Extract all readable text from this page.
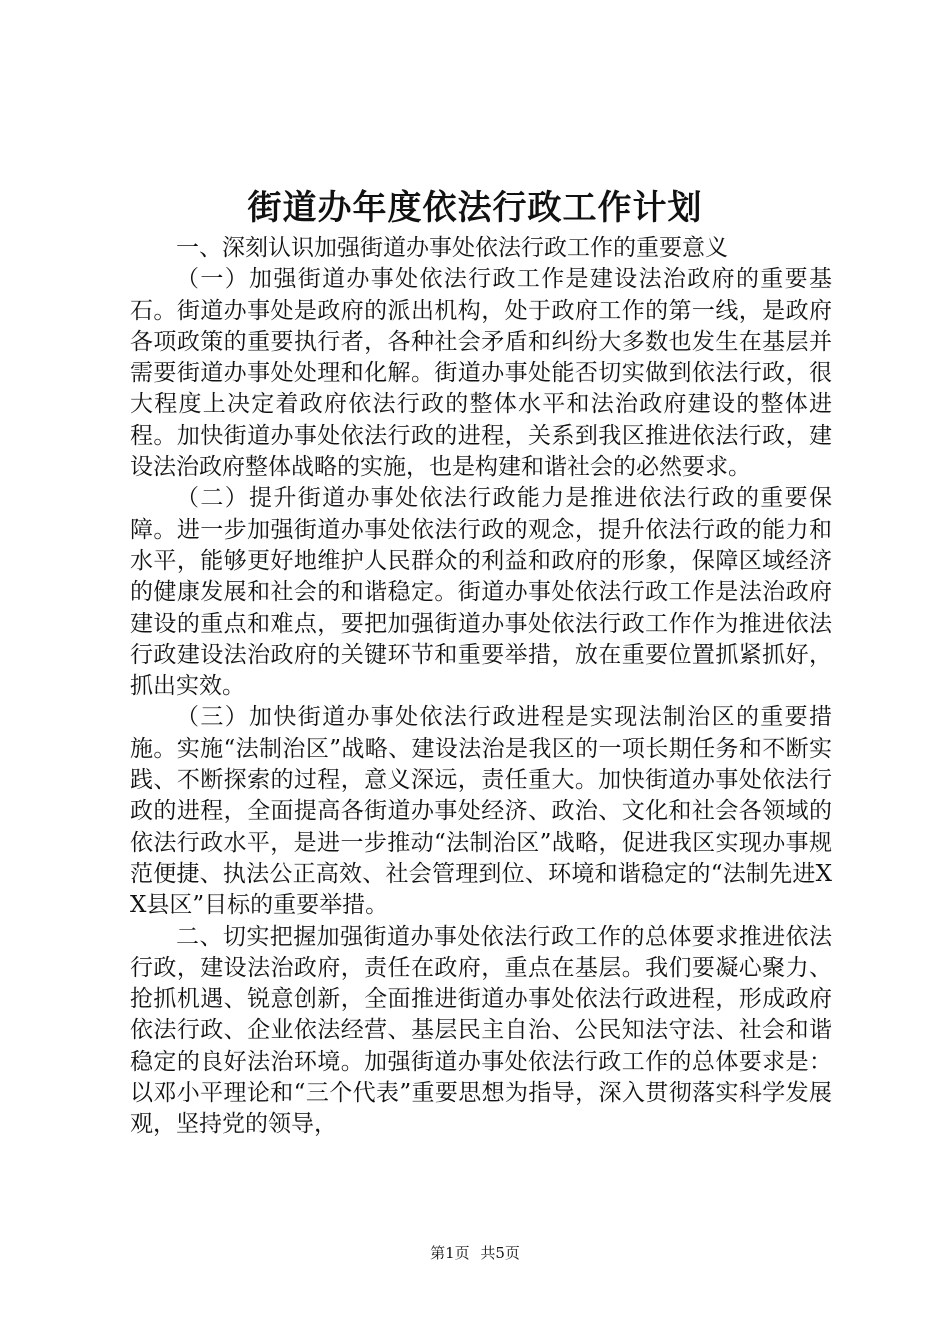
街道办年度依法行政工作计划

一、深刻认识加强街道办事处依法行政工作的重要意义

（一）加强街道办事处依法行政工作是建设法治政府的重要基石。街道办事处是政府的派出机构，处于政府工作的第一线，是政府各项政策的重要执行者，各种社会矛盾和纠纷大多数也发生在基层并需要街道办事处处理和化解。街道办事处能否切实做到依法行政，很大程度上决定着政府依法行政的整体水平和法治政府建设的整体进程。加快街道办事处依法行政的进程，关系到我区推进依法行政，建设法治政府整体战略的实施，也是构建和谐社会的必然要求。

（二）提升街道办事处依法行政能力是推进依法行政的重要保障。进一步加强街道办事处依法行政的观念，提升依法行政的能力和水平，能够更好地维护人民群众的利益和政府的形象，保障区域经济的健康发展和社会的和谐稳定。街道办事处依法行政工作是法治政府建设的重点和难点，要把加强街道办事处依法行政工作作为推进依法行政建设法治政府的关键环节和重要举措，放在重要位置抓紧抓好，抓出实效。

（三）加快街道办事处依法行政进程是实现法制治区的重要措施。实施“法制治区”战略、建设法治是我区的一项长期任务和不断实践、不断探索的过程，意义深远，责任重大。加快街道办事处依法行政的进程，全面提高各街道办事处经济、政治、文化和社会各领域的依法行政水平，是进一步推动“法制治区”战略，促进我区实现办事规范便捷、执法公正高效、社会管理到位、环境和谐稳定的“法制先进XX县区”目标的重要举措。

二、切实把握加强街道办事处依法行政工作的总体要求推进依法行政，建设法治政府，责任在政府，重点在基层。我们要凝心聚力、抢抓机遇、锐意创新，全面推进街道办事处依法行政进程，形成政府依法行政、企业依法经营、基层民主自治、公民知法守法、社会和谐稳定的良好法治环境。加强街道办事处依法行政工作的总体要求是：以邓小平理论和“三个代表”重要思想为指导，深入贯彻落实科学发展观，坚持党的领导，

第1页 共5页
